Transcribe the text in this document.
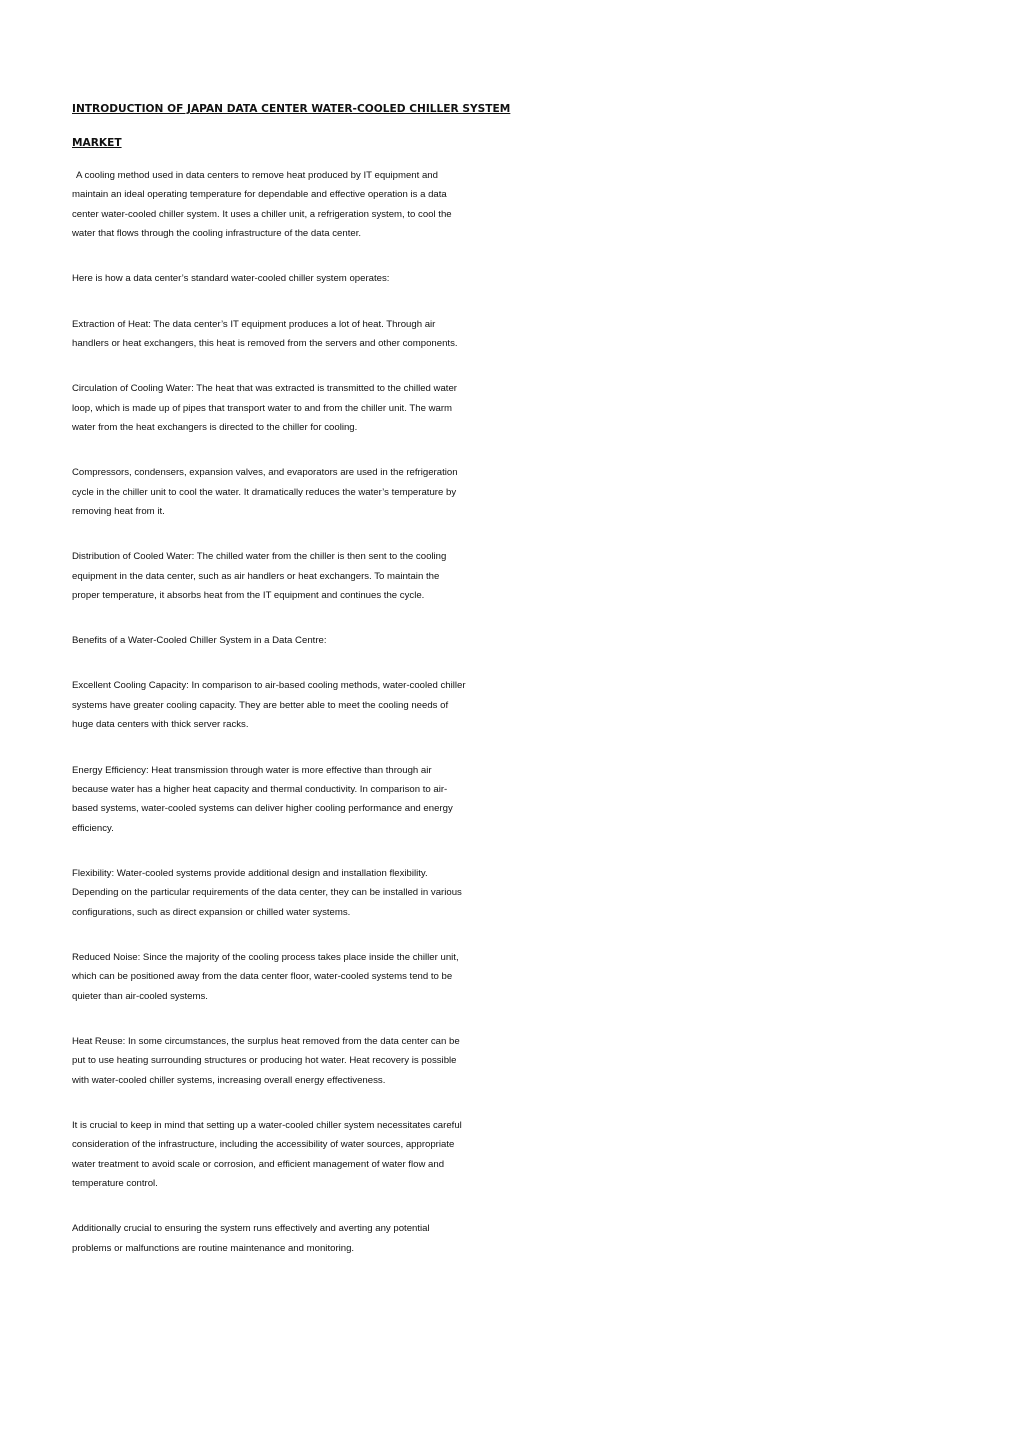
INTRODUCTION OF JAPAN DATA CENTER WATER-COOLED CHILLER SYSTEM

MARKET

A cooling method used in data centers to remove heat produced by IT equipment and
maintain an ideal operating temperature for dependable and effective operation is a data
center water-cooled chiller system. It uses a chiller unit, a refrigeration system, to cool the
water that flows through the cooling infrastructure of the data center.

Here is how a data center’s standard water-cooled chiller system operates:

Extraction of Heat: The data center’s IT equipment produces a lot of heat. Through air
handlers or heat exchangers, this heat is removed from the servers and other components.

Circulation of Cooling Water: The heat that was extracted is transmitted to the chilled water
loop, which is made up of pipes that transport water to and from the chiller unit. The warm
water from the heat exchangers is directed to the chiller for cooling.

Compressors, condensers, expansion valves, and evaporators are used in the refrigeration
cycle in the chiller unit to cool the water. It dramatically reduces the water’s temperature by
removing heat from it.

Distribution of Cooled Water: The chilled water from the chiller is then sent to the cooling
equipment in the data center, such as air handlers or heat exchangers. To maintain the
proper temperature, it absorbs heat from the IT equipment and continues the cycle.

Benefits of a Water-Cooled Chiller System in a Data Centre:

Excellent Cooling Capacity: In comparison to air-based cooling methods, water-cooled chiller
systems have greater cooling capacity. They are better able to meet the cooling needs of
huge data centers with thick server racks.

Energy Efficiency: Heat transmission through water is more effective than through air
because water has a higher heat capacity and thermal conductivity. In comparison to air-
based systems, water-cooled systems can deliver higher cooling performance and energy
efficiency.

Flexibility: Water-cooled systems provide additional design and installation flexibility.
Depending on the particular requirements of the data center, they can be installed in various
configurations, such as direct expansion or chilled water systems.

Reduced Noise: Since the majority of the cooling process takes place inside the chiller unit,
which can be positioned away from the data center floor, water-cooled systems tend to be
quieter than air-cooled systems.

Heat Reuse: In some circumstances, the surplus heat removed from the data center can be
put to use heating surrounding structures or producing hot water. Heat recovery is possible
with water-cooled chiller systems, increasing overall energy effectiveness.

It is crucial to keep in mind that setting up a water-cooled chiller system necessitates careful
consideration of the infrastructure, including the accessibility of water sources, appropriate
water treatment to avoid scale or corrosion, and efficient management of water flow and
temperature control.

Additionally crucial to ensuring the system runs effectively and averting any potential
problems or malfunctions are routine maintenance and monitoring.
